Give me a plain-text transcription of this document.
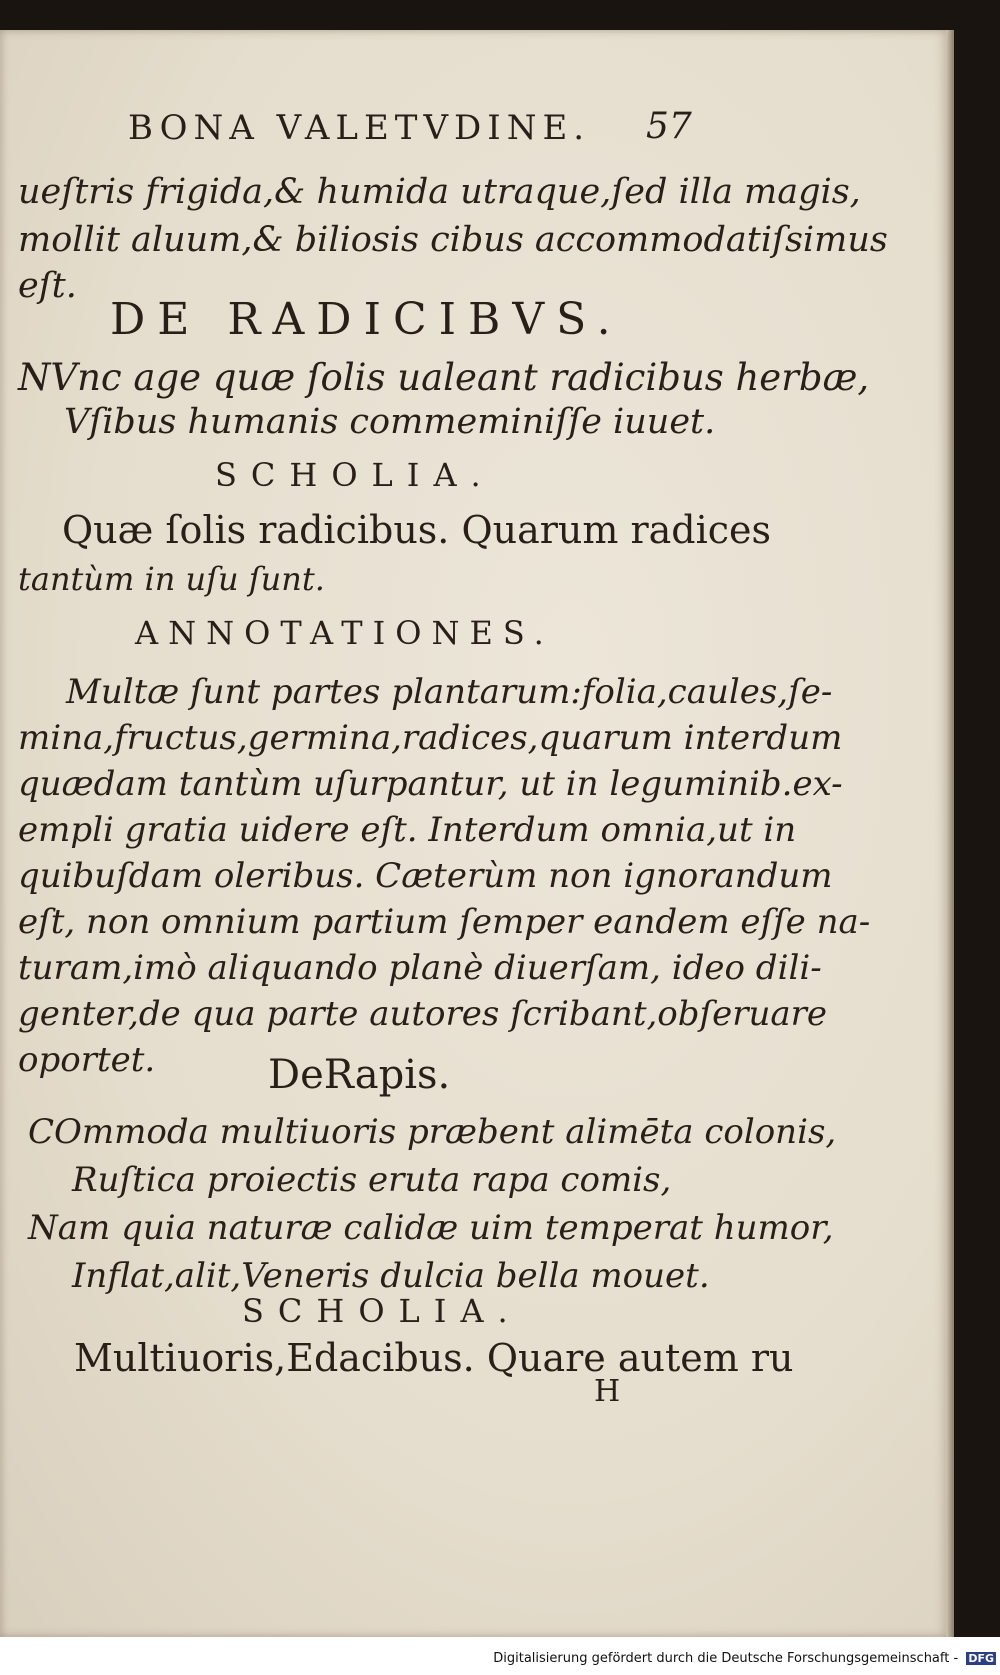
BONA VALETVDINE. 57
ueſtris frigida,& humida utraque,ſed illa magis,
mollit aluum,& biliosis cibus accommodatiſsimus
eſt.
DE RADICIBVS.
NVnc age quæ ſolis ualeant radicibus herbæ,
Vſibus humanis commeminiſſe iuuet.
SCHOLIA.
Quæ ſolis radicibus. Quarum radices
tantùm in uſu ſunt.
ANNOTATIONES.
Multæ ſunt partes plantarum:folia,caules,ſe-
mina,fructus,germina,radices,quarum interdum
quædam tantùm uſurpantur, ut in leguminib.ex-
empli gratia uidere eſt. Interdum omnia,ut in
quibuſdam oleribus. Cæterùm non ignorandum
eſt, non omnium partium ſemper eandem eſſe na-
turam,imò aliquando planè diuerſam, ideo dili-
genter,de qua parte autores ſcribant,obſeruare
oportet.	DeRapis.
COmmoda multiuoris præbent alimēta colonis,
Ruſtica proiectis eruta rapa comis,
Nam quia naturæ calidæ uim temperat humor,
Inflat,alit,Veneris dulcia bella mouet.
SCHOLIA.
Multiuoris,Edacibus. Quare autem ru
H
Digitalisierung gefördert durch die Deutsche Forschungsgemeinschaft - DFG
